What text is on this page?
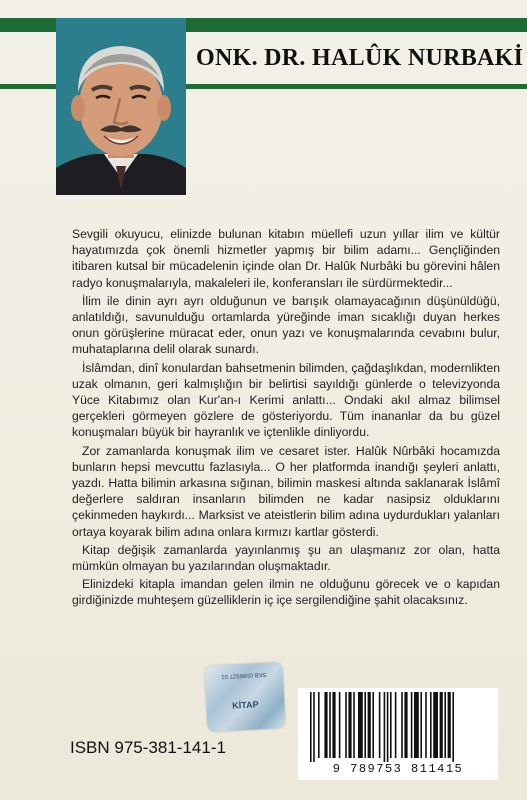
ONK. DR. HALÛK NURBAKİ

Sevgili okuyucu, elinizde bulunan kitabın müellefi uzun yıllar ilim ve kültür hayatımızda çok önemli hizmetler yapmış bir bilim adamı... Gençliğinden itibaren kutsal bir mücadelenin içinde olan Dr. Halûk Nurbâki bu görevini hâlen radyo konuşmalarıyla, makaleleri ile, konferansları ile sürdürmektedir...

İlim ile dinin ayrı ayrı olduğunun ve barışık olamayacağının düşünüldüğü, anlatıldığı, savunulduğu ortamlarda yüreğinde iman sıcaklığı duyan herkes onun görüşlerine müracat eder, onun yazı ve konuşmalarında cevabını bulur, muhataplarına delil olarak sunardı.

İslâmdan, dinî konulardan bahsetmenin bilimden, çağdaşlıkdan, modernlikten uzak olmanın, geri kalmışlığın bir belirtisi sayıldığı günlerde o televizyonda Yüce Kitabımız olan Kur'an-ı Kerimi anlattı... Ondaki akıl almaz bilimsel gerçekleri görmeyen gözlere de gösteriyordu. Tüm inananlar da bu güzel konuşmaları büyük bir hayranlık ve içtenlikle dinliyordu.

Zor zamanlarda konuşmak ilim ve cesaret ister. Halûk Nûrbâki hocamızda bunların hepsi mevcuttu fazlasıyla... O her platformda inandığı şeyleri anlattı, yazdı. Hatta bilimin arkasına sığınan, bilimin maskesi altında saklanarak İslâmî değerlere saldıran insanların bilimden ne kadar nasipsiz olduklarını çekinmeden haykırdı... Marksist ve ateistlerin bilim adına uydurdukları yalanları ortaya koyarak bilim adına onlara kırmızı kartlar gösterdi.

Kitap değişik zamanlarda yayınlanmış şu an ulaşmanız zor olan, hatta mümkün olmayan bu yazılarından oluşmaktadır.

Elinizdeki kitapla imandan gelen ilmin ne olduğunu görecek ve o kapıdan girdiğinizde muhteşem güzelliklerin iç içe sergilendiğine şahit olacaksınız.

SKB 0586927 01
KİTAP
ISBN 975-381-141-1
9 789753 811415
